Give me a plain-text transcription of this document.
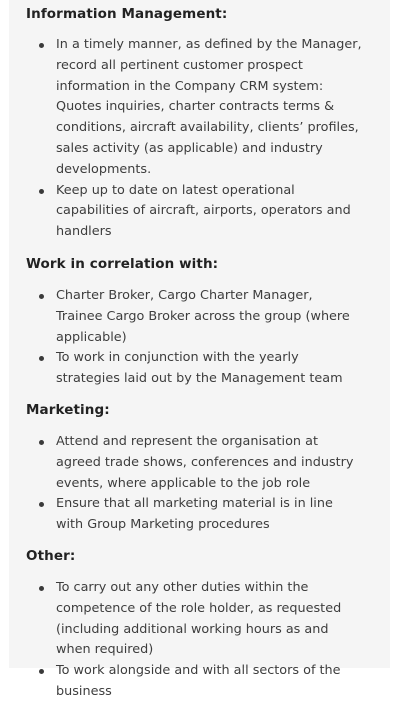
Information Management:
In a timely manner, as defined by the Manager, record all pertinent customer prospect information in the Company CRM system: Quotes inquiries, charter contracts terms & conditions, aircraft availability, clients’ profiles, sales activity (as applicable) and industry developments.
Keep up to date on latest operational capabilities of aircraft, airports, operators and handlers
Work in correlation with:
Charter Broker, Cargo Charter Manager,  Trainee Cargo Broker across the group (where applicable)
To work in conjunction with the yearly strategies laid out by the Management team
Marketing:
Attend and represent the organisation at agreed trade shows, conferences and industry events, where applicable to the job role
Ensure that all marketing material is in line with Group Marketing procedures
Other:
To carry out any other duties within the competence of the role holder, as requested (including additional working hours as and when required)
To work alongside and with all sectors of the business
